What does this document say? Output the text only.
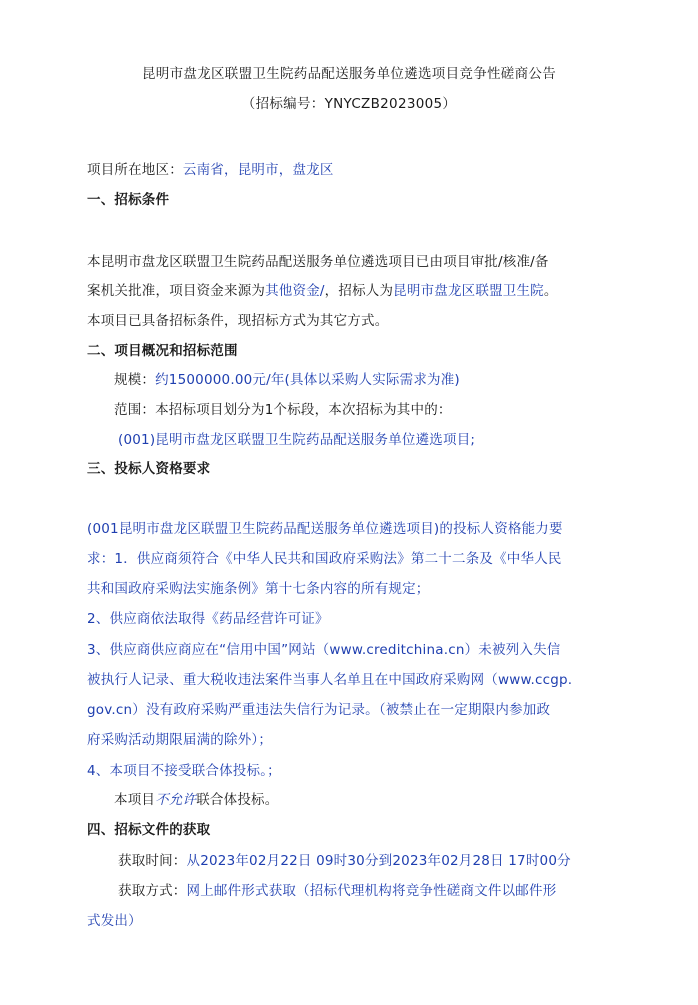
昆明市盘龙区联盟卫生院药品配送服务单位遴选项目竞争性磋商公告
（招标编号：YNYCZB2023005）
项目所在地区：云南省，昆明市，盘龙区
一、招标条件
本昆明市盘龙区联盟卫生院药品配送服务单位遴选项目已由项目审批/核准/备
案机关批准，项目资金来源为其他资金/，招标人为昆明市盘龙区联盟卫生院。
本项目已具备招标条件，现招标方式为其它方式。
二、项目概况和招标范围
规模：约1500000.00元/年(具体以采购人实际需求为准)
范围：本招标项目划分为1个标段，本次招标为其中的：
(001)昆明市盘龙区联盟卫生院药品配送服务单位遴选项目;
三、投标人资格要求
(001昆明市盘龙区联盟卫生院药品配送服务单位遴选项目)的投标人资格能力要
求：1．供应商须符合《中华人民共和国政府采购法》第二十二条及《中华人民
共和国政府采购法实施条例》第十七条内容的所有规定；
2、供应商依法取得《药品经营许可证》
3、供应商供应商应在“信用中国”网站（www.creditchina.cn）未被列入失信
被执行人记录、重大税收违法案件当事人名单且在中国政府采购网（www.ccgp.
gov.cn）没有政府采购严重违法失信行为记录。（被禁止在一定期限内参加政
府采购活动期限届满的除外）；
4、本项目不接受联合体投标。；
本项目不允许联合体投标。
四、招标文件的获取
获取时间：从2023年02月22日 09时30分到2023年02月28日 17时00分
获取方式：网上邮件形式获取（招标代理机构将竞争性磋商文件以邮件形
式发出）
